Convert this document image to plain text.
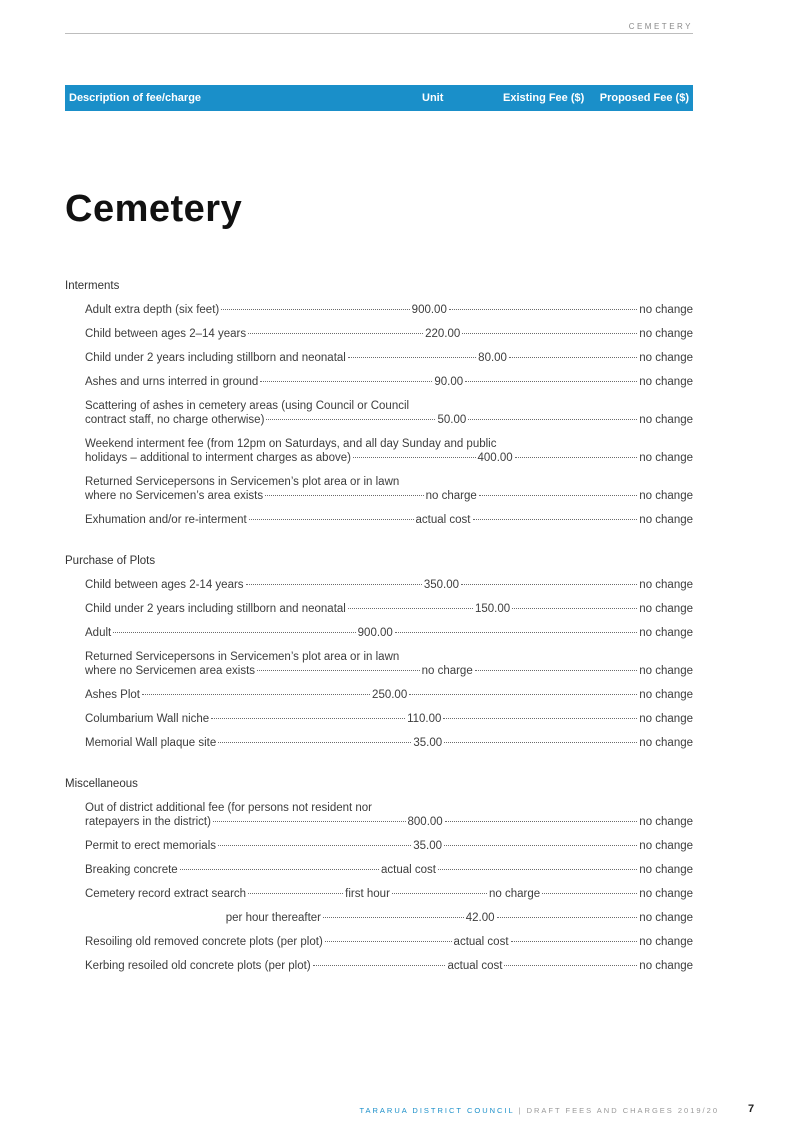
CEMETERY
Description of fee/charge	Unit	Existing Fee ($) Proposed Fee ($)
Cemetery
Interments
Adult extra depth (six feet)	900.00	no change
Child between ages 2–14 years	220.00	no change
Child under 2 years including stillborn and neonatal	80.00	no change
Ashes and urns interred in ground	90.00	no change
Scattering of ashes in cemetery areas (using Council or Council
contract staff, no charge otherwise)	50.00	no change
Weekend interment fee (from 12pm on Saturdays, and all day Sunday and public
holidays – additional to interment charges as above)	400.00	no change
Returned Servicepersons in Servicemen’s plot area or in lawn
where no Servicemen’s area exists	no charge	no change
Exhumation and/or re-interment	actual cost	no change
Purchase of Plots
Child between ages 2-14 years	350.00	no change
Child under 2 years including stillborn and neonatal	150.00	no change
Adult	900.00	no change
Returned Servicepersons in Servicemen’s plot area or in lawn
where no Servicemen area exists	no charge	no change
Ashes Plot	250.00	no change
Columbarium Wall niche	110.00	no change
Memorial Wall plaque site	35.00	no change
Miscellaneous
Out of district additional fee (for persons not resident nor
ratepayers in the district)	800.00	no change
Permit to erect memorials	35.00	no change
Breaking concrete	actual cost	no change
Cemetery record extract search	first hour	no charge	no change
per hour thereafter	42.00	no change
Resoiling old removed concrete plots (per plot)	actual cost	no change
Kerbing resoiled old concrete plots (per plot)	actual cost	no change
TARARUA DISTRICT COUNCIL | DRAFT FEES AND CHARGES 2019/20	7
